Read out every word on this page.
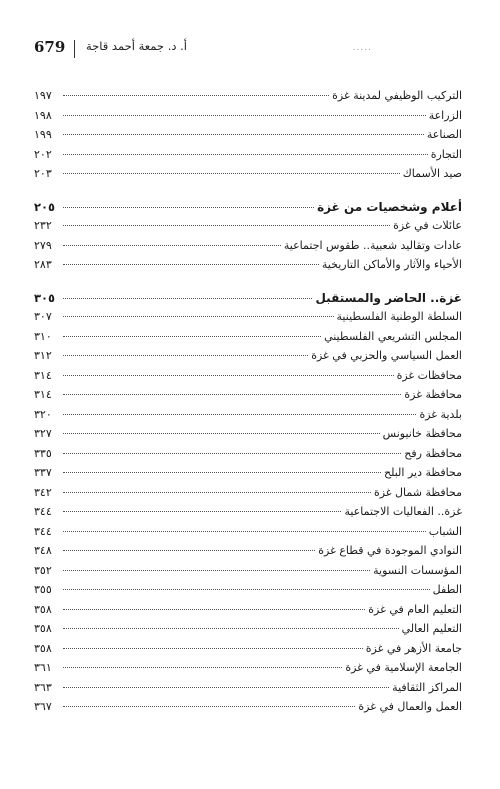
679 أ. د. جمعة أحمد قاجة	.....
التركيب الوظيفي لمدينة غزة
١٩٧
الزراعة
١٩٨
الصناعة
١٩٩
التجارة
٢٠٢
صيد الأسماك
٢٠٣
أعلام وشخصيات من غزة
٢٠٥
عائلات في غزة
٢٣٢
عادات وتقاليد شعبية.. طقوس اجتماعية
٢٧٩
الأحياء والآثار والأماكن التاريخية
٢٨٣
غزة.. الحاضر والمستقبل
٣٠٥
السلطة الوطنية الفلسطينية
٣٠٧
المجلس التشريعي الفلسطيني
٣١٠
العمل السياسي والحزبي في غزة
٣١٢
محافظات غزة
٣١٤
محافظة غزة
٣١٤
بلدية غزة
٣٢٠
محافظة خانيونس
٣٢٧
محافظة رفح
٣٣٥
محافظة دير البلح
٣٣٧
محافظة شمال غزة
٣٤٢
غزة.. الفعاليات الاجتماعية
٣٤٤
الشباب
٣٤٤
النوادي الموجودة في قطاع غزة
٣٤٨
المؤسسات النسوية
٣٥٢
الطفل
٣٥٥
التعليم العام في غزة
٣٥٨
التعليم العالي
٣٥٨
جامعة الأزهر في غزة
٣٥٨
الجامعة الإسلامية في غزة
٣٦١
المراكز الثقافية
٣٦٣
العمل والعمال في غزة
٣٦٧
